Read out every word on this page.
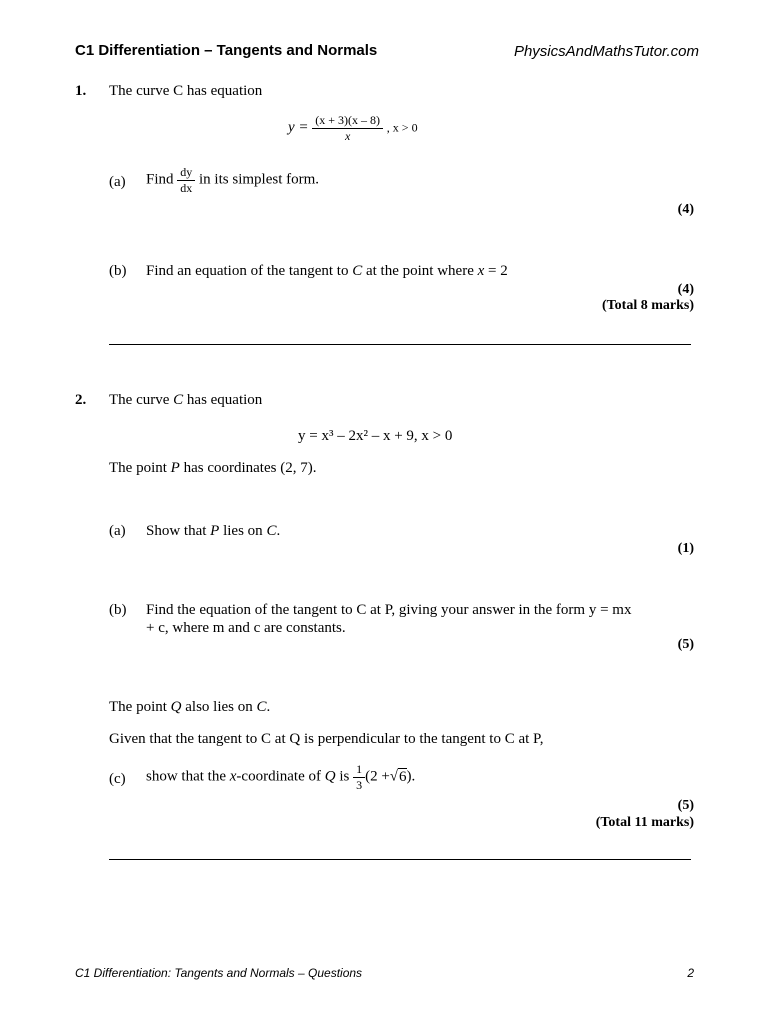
C1 Differentiation – Tangents and Normals	PhysicsAndMathsTutor.com
1. The curve C has equation
$y = \frac{(x + 3)(x - 8)}{x}$ , x > 0
(a) Find $\frac{dy}{dx}$ in its simplest form.
(4)
(b) Find an equation of the tangent to C at the point where x = 2
(4)
(Total 8 marks)
2. The curve C has equation
y = x³ – 2x² – x + 9, x > 0
The point P has coordinates (2, 7).
(a) Show that P lies on C.
(1)
(b) Find the equation of the tangent to C at P, giving your answer in the form y = mx
+ c, where m and c are constants.
(5)
The point Q also lies on C.
Given that the tangent to C at Q is perpendicular to the tangent to C at P,
(c) show that the x-coordinate of Q is $\frac{1}{3} (2 +√6)$.
(5)
(Total 11 marks)
C1 Differentiation: Tangents and Normals – Questions	2
